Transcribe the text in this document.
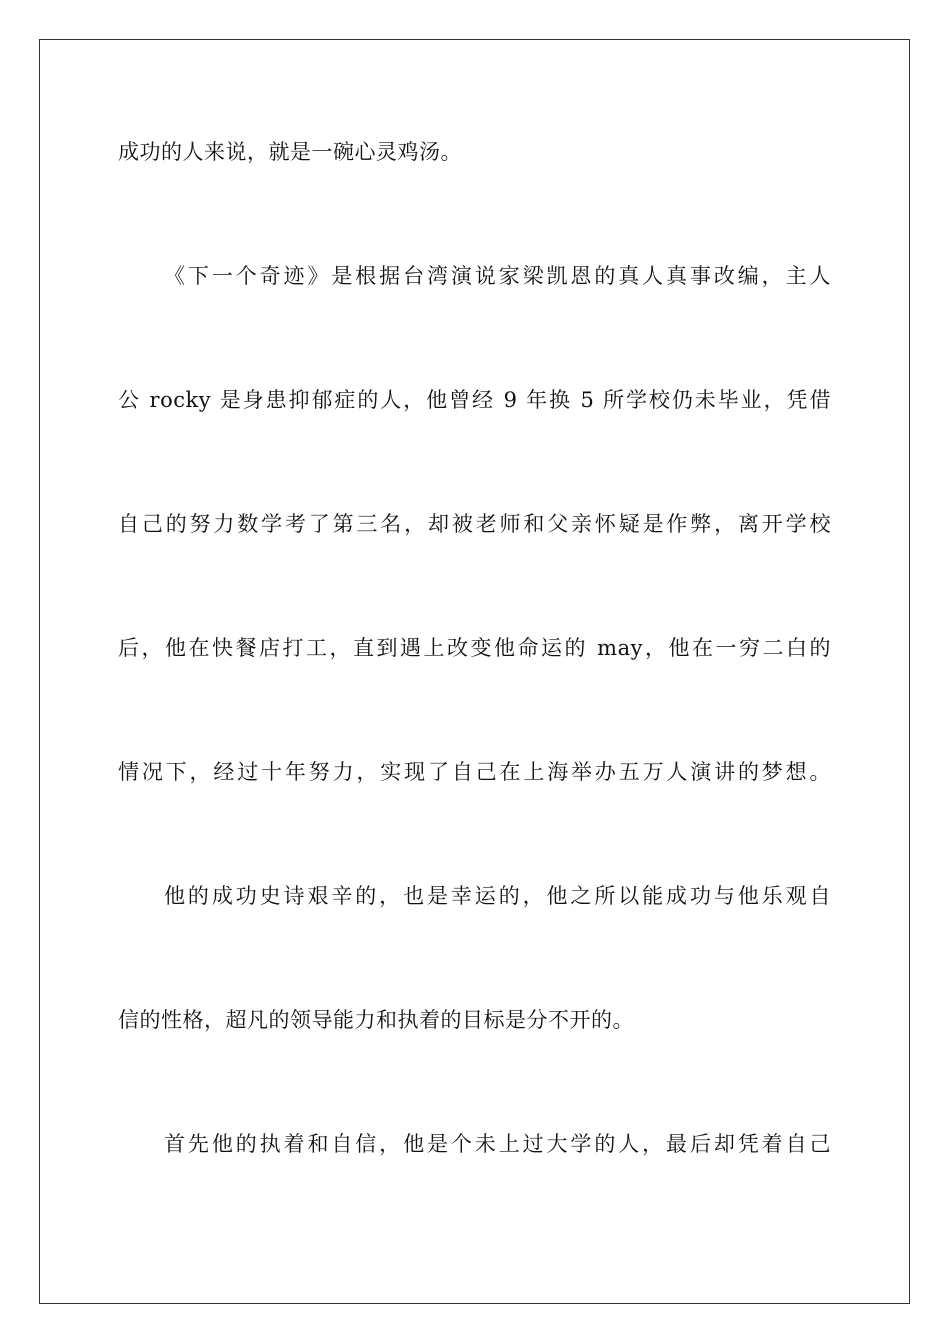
成功的人来说，就是一碗心灵鸡汤。
《下一个奇迹》是根据台湾演说家梁凯恩的真人真事改编，主人
公 rocky 是身患抑郁症的人，他曾经 9 年换 5 所学校仍未毕业，凭借
自己的努力数学考了第三名，却被老师和父亲怀疑是作弊，离开学校
后，他在快餐店打工，直到遇上改变他命运的 may，他在一穷二白的
情况下，经过十年努力，实现了自己在上海举办五万人演讲的梦想。
他的成功史诗艰辛的，也是幸运的，他之所以能成功与他乐观自
信的性格，超凡的领导能力和执着的目标是分不开的。
首先他的执着和自信，他是个未上过大学的人，最后却凭着自己
